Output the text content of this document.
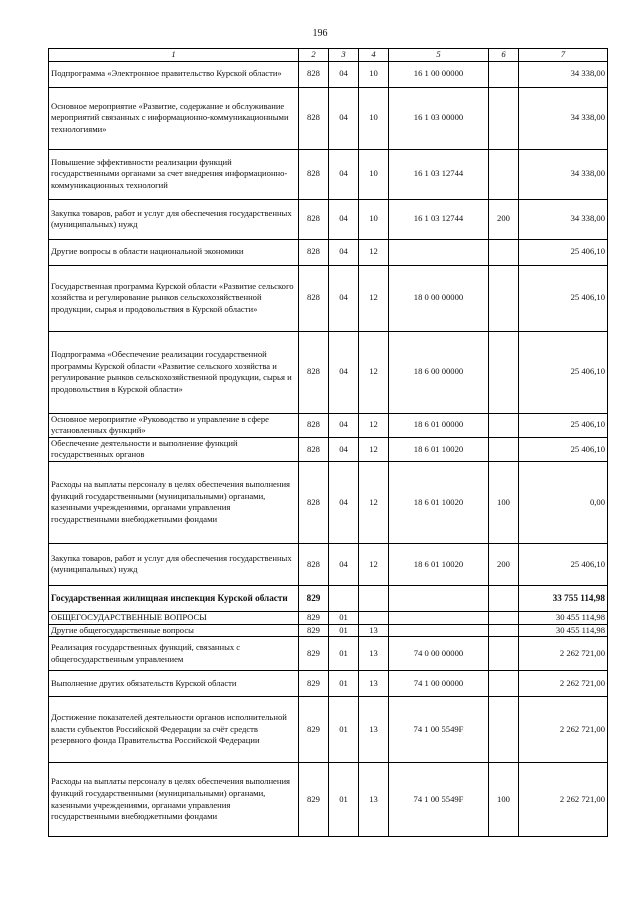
196
1	2	3	4	5	6	7
Подпрограмма «Электронное правительство Курской области»	828	04	10	16 1 00 00000		34 338,00
Основное мероприятие «Развитие, содержание и обслуживание мероприятий связанных с информационно-коммуникационными технологиями»	828	04	10	16 1 03 00000		34 338,00
Повышение эффективности реализации функций государственными органами за счет внедрения информационно-коммуникационных технологий	828	04	10	16 1 03 12744		34 338,00
Закупка товаров, работ и услуг для обеспечения государственных (муниципальных) нужд	828	04	10	16 1 03 12744	200	34 338,00
Другие вопросы в области национальной экономики	828	04	12			25 406,10
Государственная программа Курской области «Развитие сельского хозяйства и регулирование рынков сельскохозяйственной продукции, сырья и продовольствия в Курской области»	828	04	12	18 0 00 00000		25 406,10
Подпрограмма «Обеспечение реализации государственной программы Курской области «Развитие сельского хозяйства и регулирование рынков сельскохозяйственной продукции, сырья и продовольствия в Курской области»	828	04	12	18 6 00 00000		25 406,10
Основное мероприятие «Руководство и управление в сфере установленных функций»	828	04	12	18 6 01 00000		25 406,10
Обеспечение деятельности и выполнение функций государственных органов	828	04	12	18 6 01 10020		25 406,10
Расходы на выплаты персоналу в целях обеспечения выполнения функций государственными (муниципальными) органами, казенными учреждениями, органами управления государственными внебюджетными фондами	828	04	12	18 6 01 10020	100	0,00
Закупка товаров, работ и услуг для обеспечения государственных (муниципальных) нужд	828	04	12	18 6 01 10020	200	25 406,10
Государственная жилищная инспекция Курской области	829					33 755 114,98
ОБЩЕГОСУДАРСТВЕННЫЕ ВОПРОСЫ	829	01				30 455 114,98
Другие общегосударственные вопросы	829	01	13			30 455 114,98
Реализация государственных функций, связанных с общегосударственным управлением	829	01	13	74 0 00 00000		2 262 721,00
Выполнение других обязательств Курской области	829	01	13	74 1 00 00000		2 262 721,00
Достижение показателей деятельности органов исполнительной власти субъектов Российской Федерации за счёт средств резервного фонда Правительства Российской Федерации	829	01	13	74 1 00 5549F		2 262 721,00
Расходы на выплаты персоналу в целях обеспечения выполнения функций государственными (муниципальными) органами, казенными учреждениями, органами управления государственными внебюджетными фондами	829	01	13	74 1 00 5549F	100	2 262 721,00
